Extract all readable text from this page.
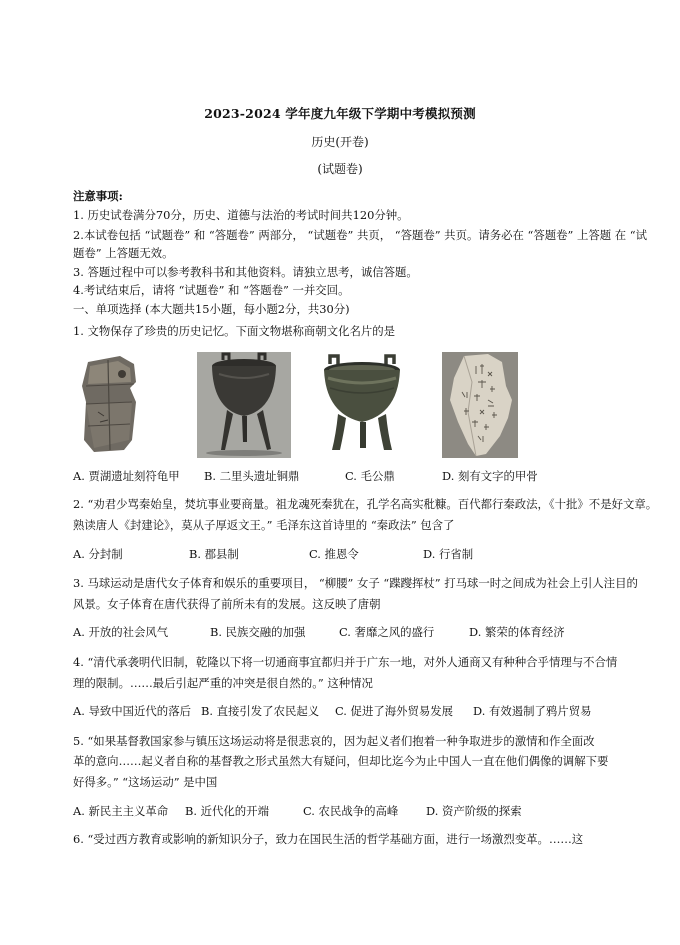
2023-2024 学年度九年级下学期中考模拟预测
历史(开卷)
(试题卷)
注意事项:
1. 历史试卷满分70分，历史、道德与法治的考试时间共120分钟。
2.本试卷包括 “试题卷” 和 “答题卷” 两部分， “试题卷” 共页， “答题卷” 共页。请务必在 “答题卷” 上答题 在 “试
题卷” 上答题无效。
3. 答题过程中可以参考教科书和其他资料。请独立思考，诚信答题。
4.考试结束后，请将 “试题卷” 和 “答题卷” 一并交回。
一、单项选择 (本大题共15小题，每小题2分，共30分)
1. 文物保存了珍贵的历史记忆。下面文物堪称商朝文化名片的是
A. 贾湖遗址刻符龟甲 B. 二里头遗址铜鼎	C. 毛公鼎	D. 刻有文字的甲骨
2. “劝君少骂秦始皇，焚坑事业要商量。祖龙魂死秦犹在，孔学名高实秕糠。百代都行秦政法，《十批》不是好文章。
熟读唐人《封建论》，莫从子厚返文王。” 毛泽东这首诗里的 “秦政法” 包含了
A. 分封制	B. 郡县制	C. 推恩令	D. 行省制
3. 马球运动是唐代女子体育和娱乐的重要项目， “柳腰” 女子 “蹀躞挥杖” 打马球一时之间成为社会上引人注目的
风景。女子体育在唐代获得了前所未有的发展。这反映了唐朝
A. 开放的社会风气	B. 民族交融的加强	C. 奢靡之风的盛行	D. 繁荣的体育经济
4. “清代承袭明代旧制，乾隆以下将一切通商事宜都归并于广东一地，对外人通商又有种种合乎情理与不合情
理的限制。……最后引起严重的冲突是很自然的。” 这种情况
A. 导致中国近代的落后 B. 直接引发了农民起义 C. 促进了海外贸易发展 D. 有效遏制了鸦片贸易
5. “如果基督教国家参与镇压这场运动将是很悲哀的，因为起义者们抱着一种争取进步的激情和作全面改
革的意向……起义者自称的基督教之形式虽然大有疑问，但却比迄今为止中国人一直在他们偶像的调解下要
好得多。” “这场运动” 是中国
A. 新民主主义革命 B. 近代化的开端	C. 农民战争的高峰 D. 资产阶级的探索
6. “受过西方教育或影响的新知识分子，致力在国民生活的哲学基础方面，进行一场激烈变革。……这
